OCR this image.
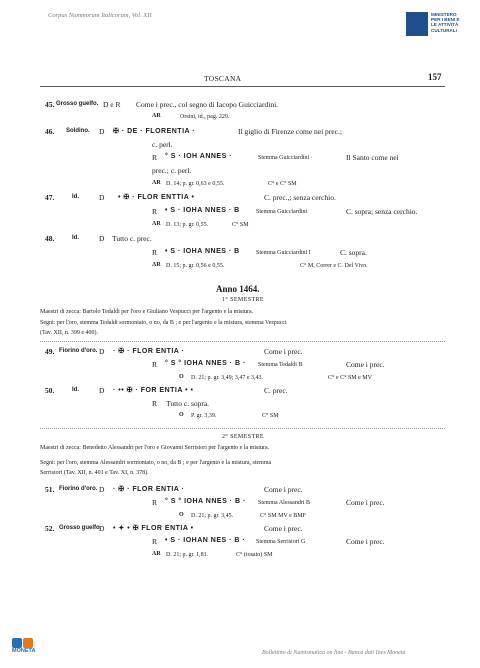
Corpus Nummorum Italicorum, Vol. XII	MINISTERO
PER I BENI E
LE ATTIVITÀ
CULTURALI
TOSCANA	157
45. Grosso guelfo. D e R Come i prec., col segno di Iacopo Guicciardini.
AR	Orsini, id., pag. 229.
46. Soldino. D ✠ · DE · FLORENTIA ·	Il giglio di Firenze come nei prec.;
c. perl.
R ° S · IOH ANNES ·	Stemma Guicciardini ·	Il Santo come nei
prec.; c. perl.
AR D. 14; p. gr. 0,63 e 0,55.	C° e C° SM
47.	Id.	D • ✠ · FLOR ENTTIA •	C. prec.,; senza cerchio.
R • S · IOHA NNES · B	Stemma Guicciardini	C. sopra; senza cerchio.
AR D. 13; p. gr. 0,55.	C° SM
48.	Id.	D Tutto c. prec.
R • S · IOHA NNES · B	Stemma Guicciardini I	C. sopra.
AR D. 15; p. gr. 0,56 e 0,55.	C° M, Correr e C. Del Vivo.
Anno 1464.
1° SEMESTRE
Maestri di zecca: Bartolo Tedaldi per l'oro e Giuliano Vespucci per l'argento e la mistura.
Segni: per l'oro, stemma Tedaldi sormontato, o no, da B ; e per l'argento e la mistura, stemma Vespucci
(Tav. XII, n. 399 e 400).
49. Fiorino d'oro. D · ✠ · FLOR ENTIA ·	Come i prec.
R ° S ° IOHA NNES · B · Stemma Tedaldi B	Come i prec.
O D. 21; p. gr. 3,49; 3,47 e 3,43.	C° e C° SM e MV
50.	Id.	D · •• ✠ · FOR ENTIA • •	C. prec.
R Tutto c. sopra.
O P. gr. 3,39.	C° SM
2° SEMESTRE
Maestri di zecca: Benedetto Alessandri per l'oro e Giovanni Serristori per l'argento e la mistura.
Segni: per l'oro, stemma Alessandri sormontato, o no, da B ; e per l'argento e la mistura, stemma
Serristori (Tav. XII, n. 401 e Tav. XI, n. 378).
51. Fiorino d'oro. D · ✠ · FLOR ENTIA ·	Come i prec.
R ° S ° IOHA NNES · B · Stemma Alessandri B	Come i prec.
O D. 21; p. gr. 3,45.	C° SM MV e BMF
52. Grosso guelfo.
D • ✦ • ✠ FLOR ENTIA •	Come i prec.
R • S · IOHAN NES · B · Stemma Serristori G	Come i prec.
AR D. 21; p. gr. 1,81.	C° (tosato) SM
MONETA	Bollettino di Numismatica on line - Banca dati Ines Moneta
